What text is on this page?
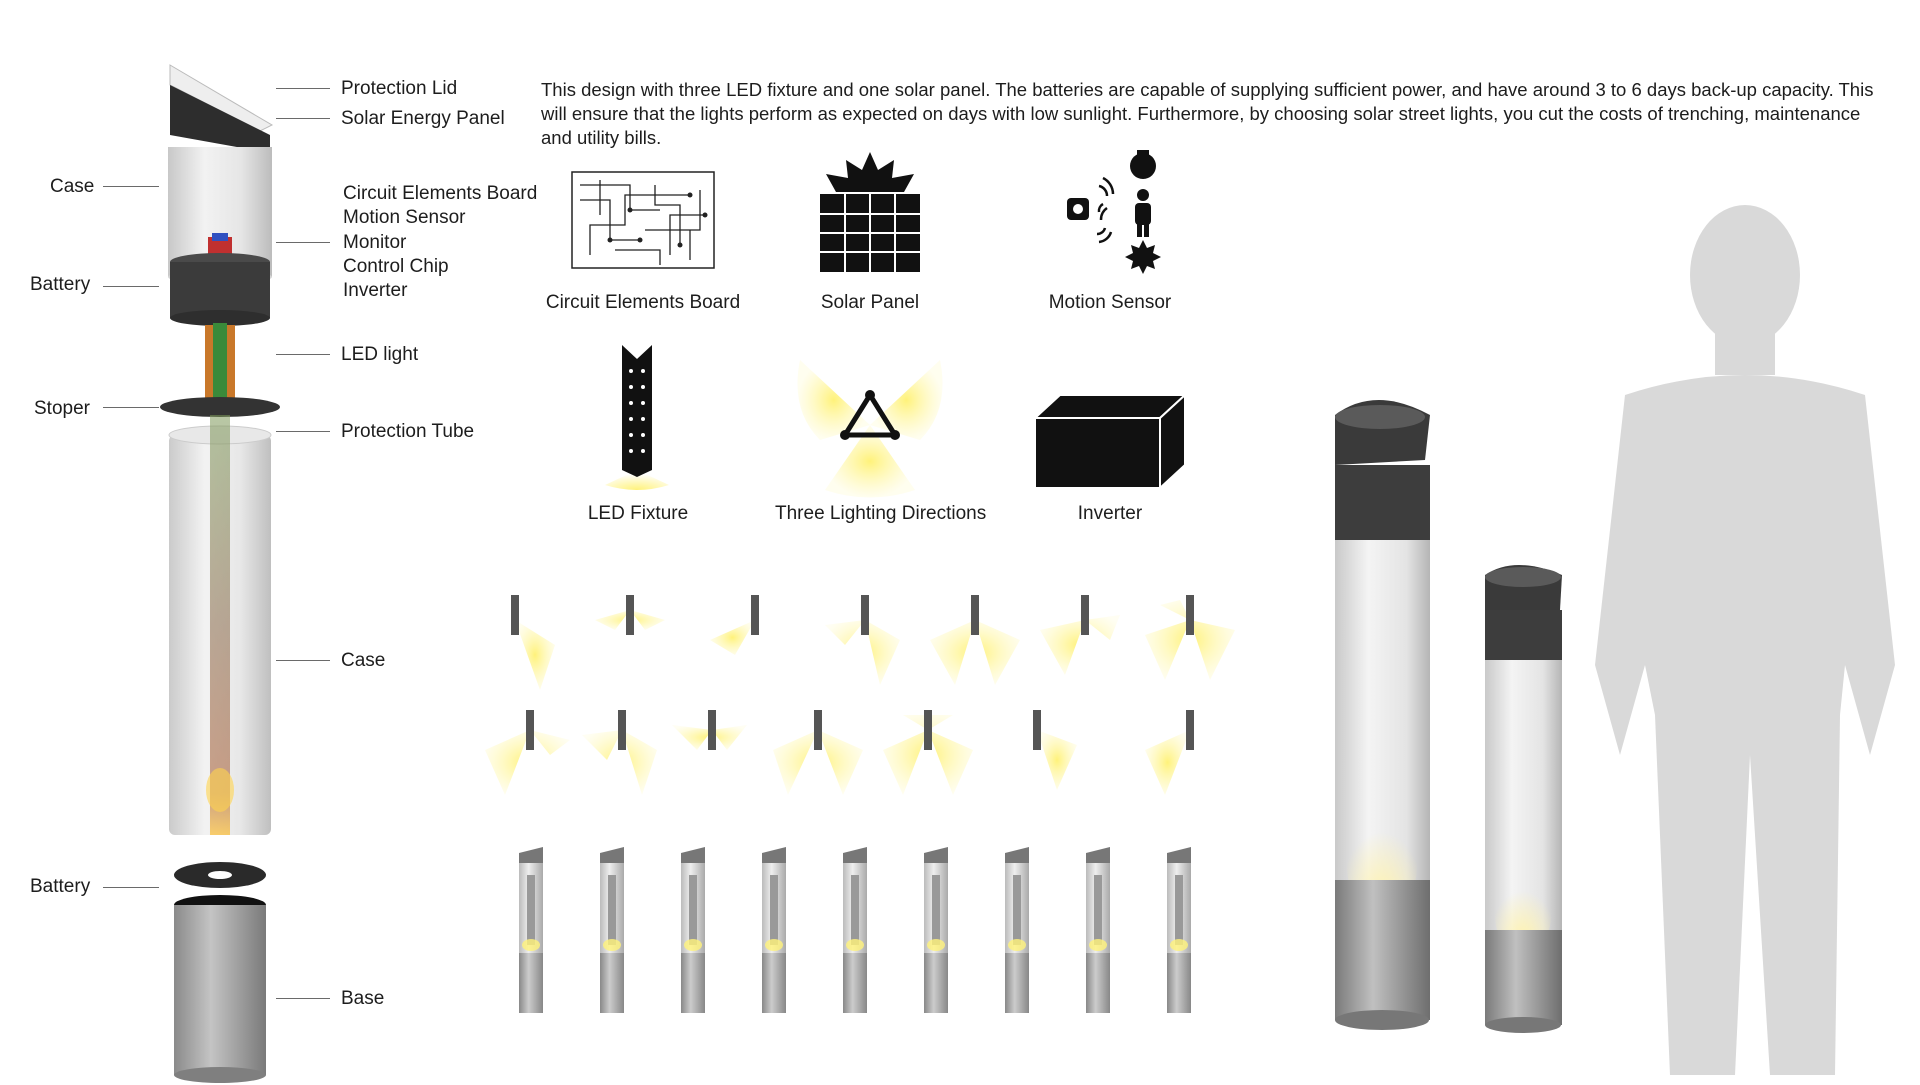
Case
Battery
Stoper
Battery
Protection Lid
Solar Energy Panel
Circuit Elements Board
Motion Sensor
Monitor
Control Chip
Inverter
LED light
Protection Tube
Case
Base
This design with three LED fixture and one solar panel. The batteries are capable of supplying sufficient power, and have around 3 to 6 days back-up capacity. This will ensure that the lights perform as expected on days with low sunlight. Furthermore, by choosing solar street lights, you cut the costs of trenching, maintenance and utility bills.
Circuit Elements Board	Solar Panel	Motion Sensor
LED Fixture	Three Lighting Directions	Inverter
